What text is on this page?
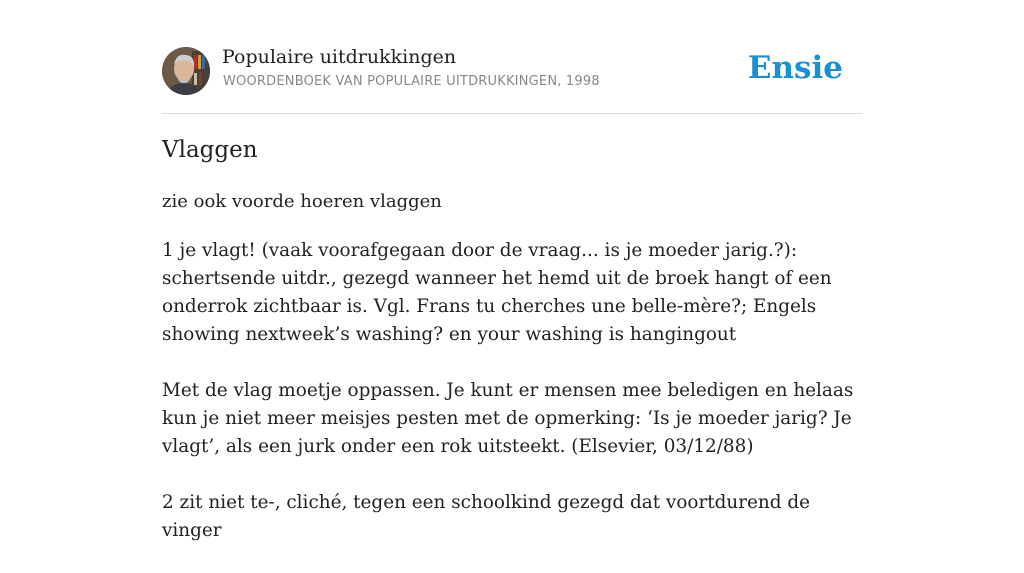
Populaire uitdrukkingen
WOORDENBOEK VAN POPULAIRE UITDRUKKINGEN, 1998	Ensie
Vlaggen
zie ook voorde hoeren vlaggen

1 je vlagt! (vaak voorafgegaan door de vraag... is je moeder jarig.?): schertsende uitdr., gezegd wanneer het hemd uit de broek hangt of een onderrok zichtbaar is. Vgl. Frans tu cherches une belle-mère?; Engels showing nextweek’s washing? en your washing is hangingout

Met de vlag moetje oppassen. Je kunt er mensen mee beledigen en helaas kun je niet meer meisjes pesten met de opmerking: ‘Is je moeder jarig? Je vlagt’, als een jurk onder een rok uitsteekt. (Elsevier, 03/12/88)

2 zit niet te-, cliché, tegen een schoolkind gezegd dat voortdurend de vinger
